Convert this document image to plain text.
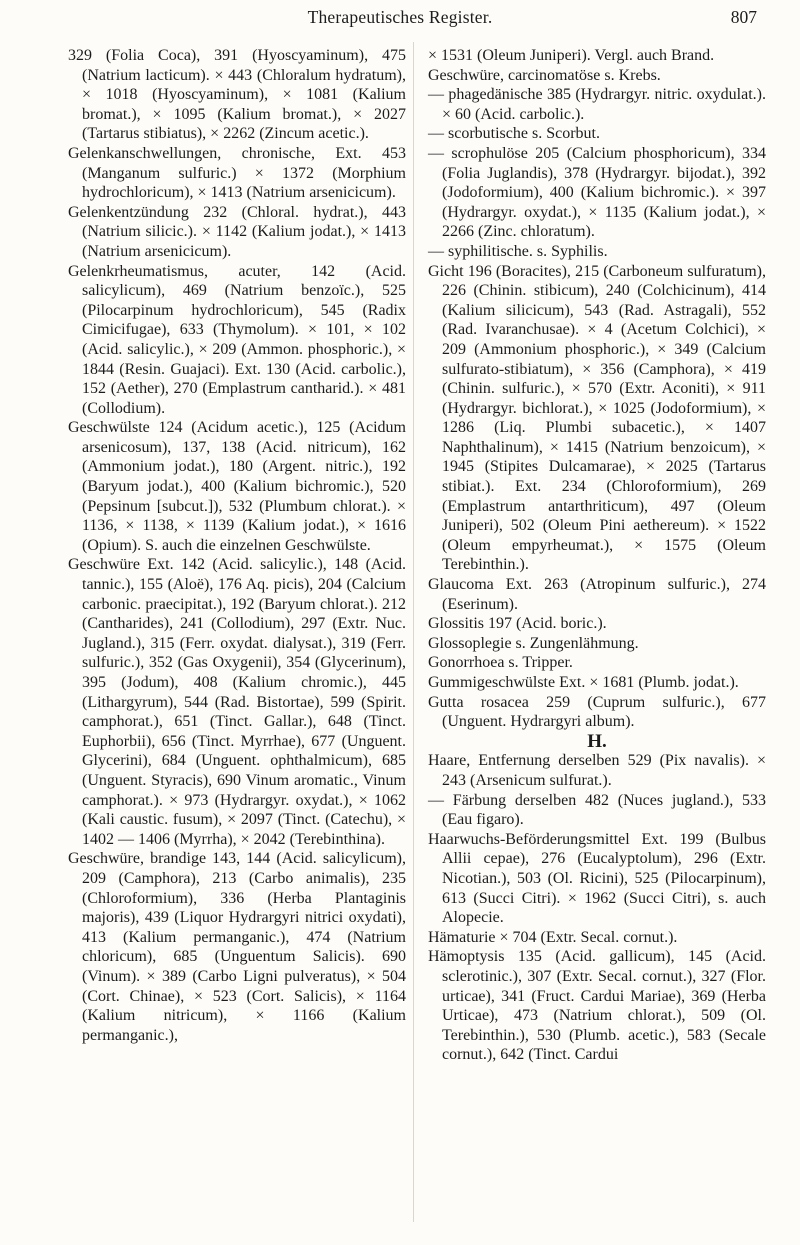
Therapeutisches Register.	807

329 (Folia Coca), 391 (Hyoscyaminum), 475 (Natrium lacticum). × 443 (Chloralum hydratum), × 1018 (Hyoscyaminum), × 1081 (Kalium bromat.), × 1095 (Kalium bromat.), × 2027 (Tartarus stibiatus), × 2262 (Zincum acetic.).

Gelenkanschwellungen, chronische, Ext. 453 (Manganum sulfuric.) × 1372 (Morphium hydrochloricum), × 1413 (Natrium arsenicicum).

Gelenkentzündung 232 (Chloral. hydrat.), 443 (Natrium silicic.). × 1142 (Kalium jodat.), × 1413 (Natrium arsenicicum).

Gelenkrheumatismus, acuter, 142 (Acid. salicylicum), 469 (Natrium benzoïc.), 525 (Pilocarpinum hydrochloricum), 545 (Radix Cimicifugae), 633 (Thymolum). × 101, × 102 (Acid. salicylic.), × 209 (Ammon. phosphoric.), × 1844 (Resin. Guajaci). Ext. 130 (Acid. carbolic.), 152 (Aether), 270 (Emplastrum cantharid.). × 481 (Collodium).

Geschwülste 124 (Acidum acetic.), 125 (Acidum arsenicosum), 137, 138 (Acid. nitricum), 162 (Ammonium jodat.), 180 (Argent. nitric.), 192 (Baryum jodat.), 400 (Kalium bichromic.), 520 (Pepsinum [subcut.]), 532 (Plumbum chlorat.). × 1136, × 1138, × 1139 (Kalium jodat.), × 1616 (Opium). S. auch die einzelnen Geschwülste.

Geschwüre Ext. 142 (Acid. salicylic.), 148 (Acid. tannic.), 155 (Aloë), 176 Aq. picis), 204 (Calcium carbonic. praecipitat.), 192 (Baryum chlorat.). 212 (Cantharides), 241 (Collodium), 297 (Extr. Nuc. Jugland.), 315 (Ferr. oxydat. dialysat.), 319 (Ferr. sulfuric.), 352 (Gas Oxygenii), 354 (Glycerinum), 395 (Jodum), 408 (Kalium chromic.), 445 (Lithargyrum), 544 (Rad. Bistortae), 599 (Spirit. camphorat.), 651 (Tinct. Gallar.), 648 (Tinct. Euphorbii), 656 (Tinct. Myrrhae), 677 (Unguent. Glycerini), 684 (Unguent. ophthalmicum), 685 (Unguent. Styracis), 690 Vinum aromatic., Vinum camphorat.). × 973 (Hydrargyr. oxydat.), × 1062 (Kali caustic. fusum), × 2097 (Tinct. (Catechu), × 1402 — 1406 (Myrrha), × 2042 (Terebinthina).

Geschwüre, brandige 143, 144 (Acid. salicylicum), 209 (Camphora), 213 (Carbo animalis), 235 (Chloroformium), 336 (Herba Plantaginis majoris), 439 (Liquor Hydrargyri nitrici oxydati), 413 (Kalium permanganic.), 474 (Natrium chloricum), 685 (Unguentum Salicis). 690 (Vinum). × 389 (Carbo Ligni pulveratus), × 504 (Cort. Chinae), × 523 (Cort. Salicis), × 1164 (Kalium nitricum), × 1166 (Kalium permanganic.),

× 1531 (Oleum Juniperi). Vergl. auch Brand.

Geschwüre, carcinomatöse s. Krebs.

— phagedänische 385 (Hydrargyr. nitric. oxydulat.). × 60 (Acid. carbolic.).

— scorbutische s. Scorbut.

— scrophulöse 205 (Calcium phosphoricum), 334 (Folia Juglandis), 378 (Hydrargyr. bijodat.), 392 (Jodoformium), 400 (Kalium bichromic.). × 397 (Hydrargyr. oxydat.), × 1135 (Kalium jodat.), × 2266 (Zinc. chloratum).

— syphilitische. s. Syphilis.

Gicht 196 (Boracites), 215 (Carboneum sulfuratum), 226 (Chinin. stibicum), 240 (Colchicinum), 414 (Kalium silicicum), 543 (Rad. Astragali), 552 (Rad. Ivaranchusae). × 4 (Acetum Colchici), × 209 (Ammonium phosphoric.), × 349 (Calcium sulfurato-stibiatum), × 356 (Camphora), × 419 (Chinin. sulfuric.), × 570 (Extr. Aconiti), × 911 (Hydrargyr. bichlorat.), × 1025 (Jodoformium), × 1286 (Liq. Plumbi subacetic.), × 1407 Naphthalinum), × 1415 (Natrium benzoicum), × 1945 (Stipites Dulcamarae), × 2025 (Tartarus stibiat.). Ext. 234 (Chloroformium), 269 (Emplastrum antarthriticum), 497 (Oleum Juniperi), 502 (Oleum Pini aethereum). × 1522 (Oleum empyrheumat.), × 1575 (Oleum Terebinthin.).

Glaucoma Ext. 263 (Atropinum sulfuric.), 274 (Eserinum).

Glossitis 197 (Acid. boric.).

Glossoplegie s. Zungenlähmung.

Gonorrhoea s. Tripper.

Gummigeschwülste Ext. × 1681 (Plumb. jodat.).

Gutta rosacea 259 (Cuprum sulfuric.), 677 (Unguent. Hydrargyri album).

H.

Haare, Entfernung derselben 529 (Pix navalis). × 243 (Arsenicum sulfurat.).

— Färbung derselben 482 (Nuces jugland.), 533 (Eau figaro).

Haarwuchs-Beförderungsmittel Ext. 199 (Bulbus Allii cepae), 276 (Eucalyptolum), 296 (Extr. Nicotian.), 503 (Ol. Ricini), 525 (Pilocarpinum), 613 (Succi Citri). × 1962 (Succi Citri), s. auch Alopecie.

Hämaturie × 704 (Extr. Secal. cornut.).

Hämoptysis 135 (Acid. gallicum), 145 (Acid. sclerotinic.), 307 (Extr. Secal. cornut.), 327 (Flor. urticae), 341 (Fruct. Cardui Mariae), 369 (Herba Urticae), 473 (Natrium chlorat.), 509 (Ol. Terebinthin.), 530 (Plumb. acetic.), 583 (Secale cornut.), 642 (Tinct. Cardui
